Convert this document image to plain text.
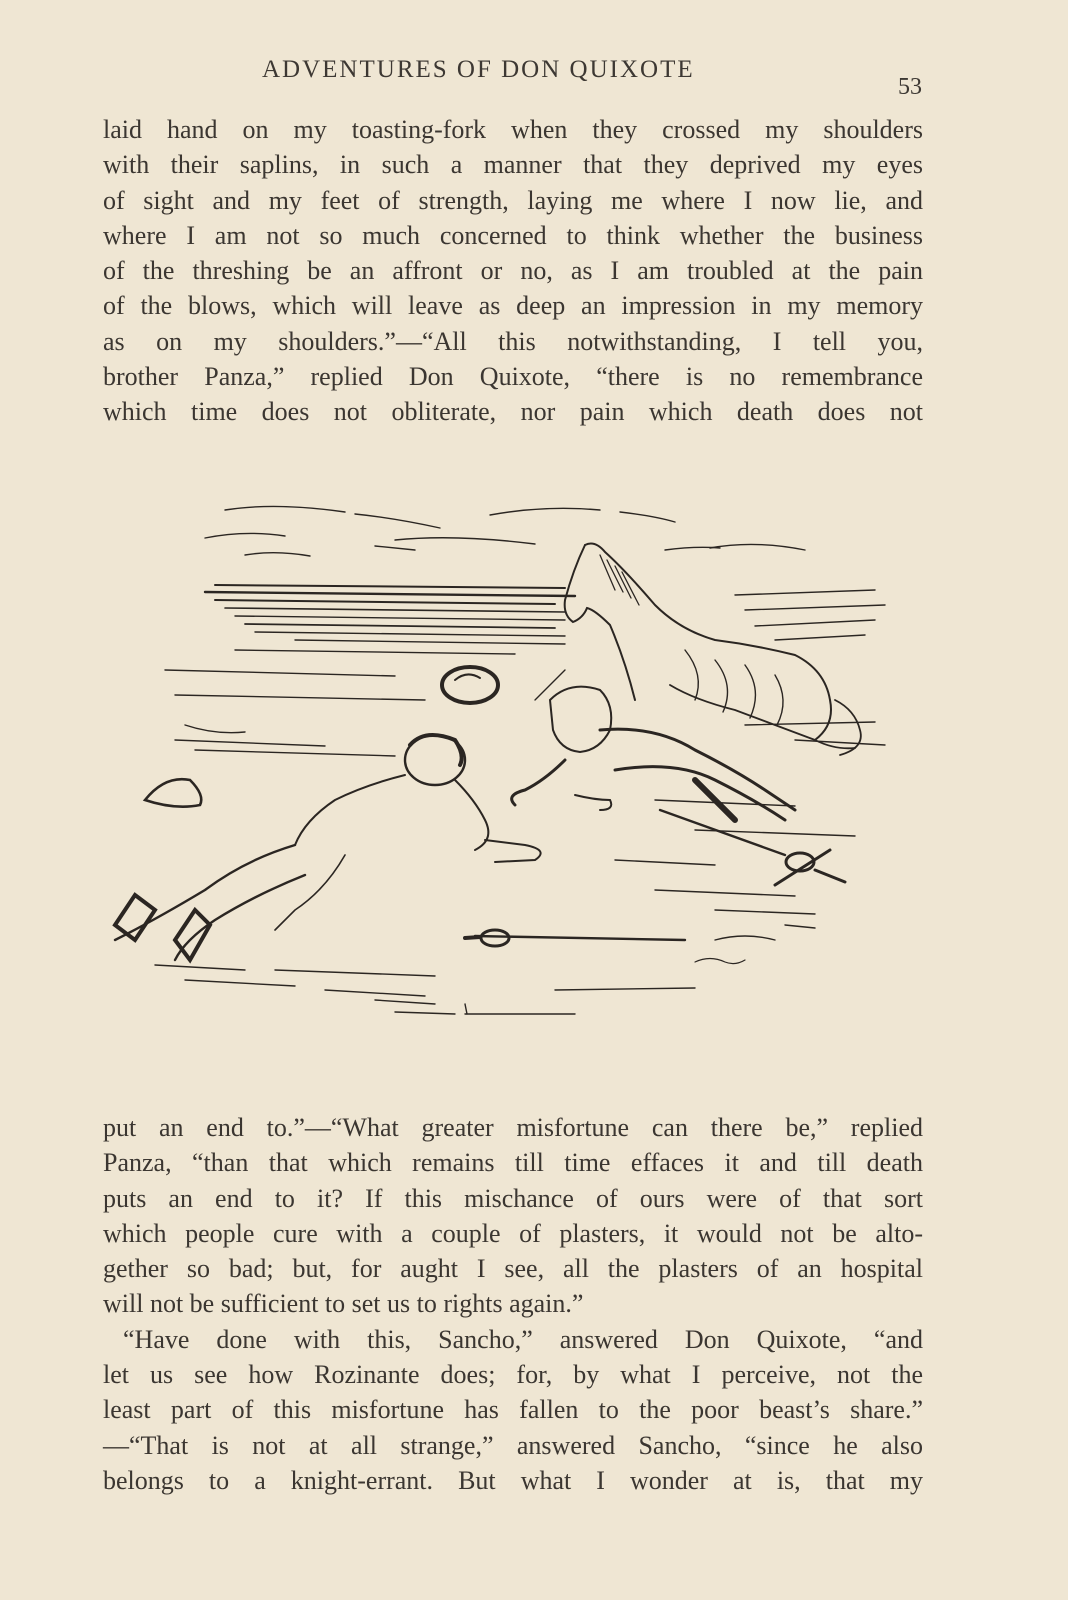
ADVENTURES OF DON QUIXOTE
53
laid hand on my toasting-fork when they crossed my shoulders
with their saplins, in such a manner that they deprived my eyes
of sight and my feet of strength, laying me where I now lie, and
where I am not so much concerned to think whether the business
of the threshing be an affront or no, as I am troubled at the pain
of the blows, which will leave as deep an impression in my memory
as on my shoulders.”—“All this notwithstanding, I tell you,
brother Panza,” replied Don Quixote, “there is no remembrance
which time does not obliterate, nor pain which death does not
put an end to.”—“What greater misfortune can there be,” replied
Panza, “than that which remains till time effaces it and till death
puts an end to it? If this mischance of ours were of that sort
which people cure with a couple of plasters, it would not be alto-
gether so bad; but, for aught I see, all the plasters of an hospital
will not be sufficient to set us to rights again.”
“Have done with this, Sancho,” answered Don Quixote, “and
let us see how Rozinante does; for, by what I perceive, not the
least part of this misfortune has fallen to the poor beast’s share.”
—“That is not at all strange,” answered Sancho, “since he also
belongs to a knight-errant. But what I wonder at is, that my
